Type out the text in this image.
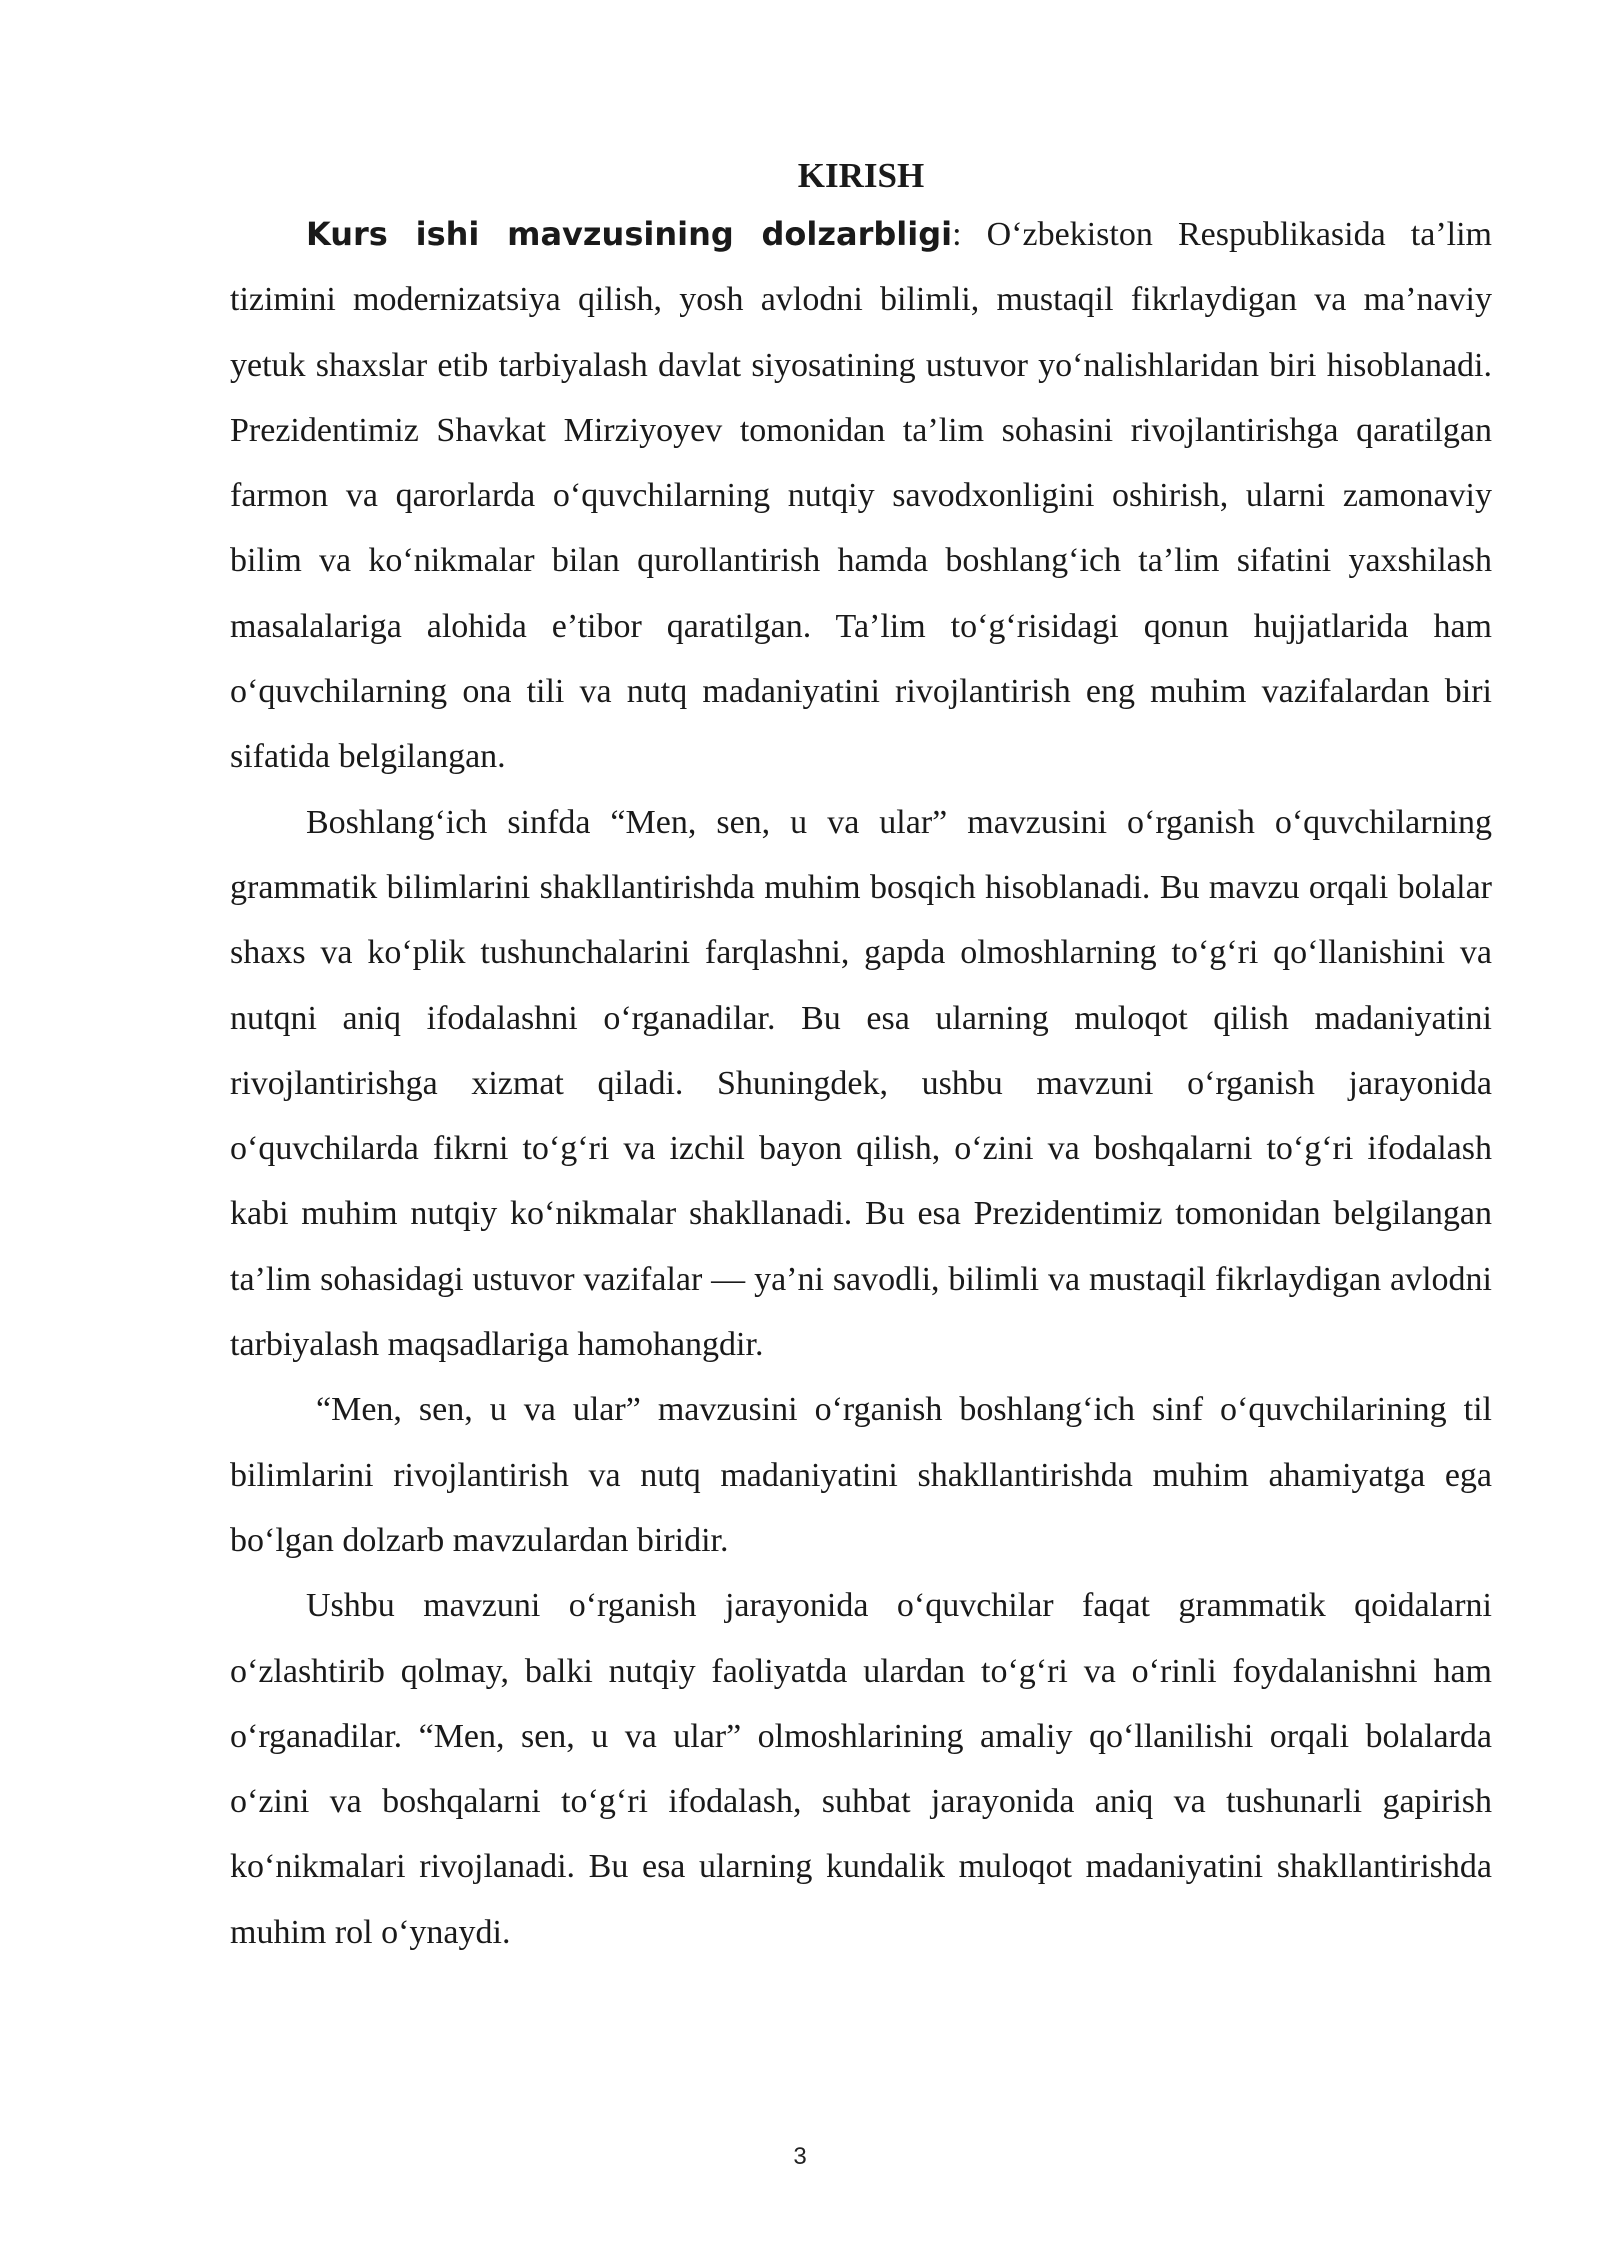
KIRISH

Kurs ishi mavzusining dolzarbligi: O‘zbekiston Respublikasida ta’lim tizimini modernizatsiya qilish, yosh avlodni bilimli, mustaqil fikrlaydigan va ma’naviy yetuk shaxslar etib tarbiyalash davlat siyosatining ustuvor yo‘nalishlaridan biri hisoblanadi. Prezidentimiz Shavkat Mirziyoyev tomonidan ta’lim sohasini rivojlantirishga qaratilgan farmon va qarorlarda o‘quvchilarning nutqiy savodxonligini oshirish, ularni zamonaviy bilim va ko‘nikmalar bilan qurollantirish hamda boshlang‘ich ta’lim sifatini yaxshilash masalalariga alohida e’tibor qaratilgan. Ta’lim to‘g‘risidagi qonun hujjatlarida ham o‘quvchilarning ona tili va nutq madaniyatini rivojlantirish eng muhim vazifalardan biri sifatida belgilangan.

Boshlang‘ich sinfda “Men, sen, u va ular” mavzusini o‘rganish o‘quvchilarning grammatik bilimlarini shakllantirishda muhim bosqich hisoblanadi. Bu mavzu orqali bolalar shaxs va ko‘plik tushunchalarini farqlashni, gapda olmoshlarning to‘g‘ri qo‘llanishini va nutqni aniq ifodalashni o‘rganadilar. Bu esa ularning muloqot qilish madaniyatini rivojlantirishga xizmat qiladi. Shuningdek, ushbu mavzuni o‘rganish jarayonida o‘quvchilarda fikrni to‘g‘ri va izchil bayon qilish, o‘zini va boshqalarni to‘g‘ri ifodalash kabi muhim nutqiy ko‘nikmalar shakllanadi. Bu esa Prezidentimiz tomonidan belgilangan ta’lim sohasidagi ustuvor vazifalar — ya’ni savodli, bilimli va mustaqil fikrlaydigan avlodni tarbiyalash maqsadlariga hamohangdir.

“Men, sen, u va ular” mavzusini o‘rganish boshlang‘ich sinf o‘quvchilarining til bilimlarini rivojlantirish va nutq madaniyatini shakllantirishda muhim ahamiyatga ega bo‘lgan dolzarb mavzulardan biridir.

Ushbu mavzuni o‘rganish jarayonida o‘quvchilar faqat grammatik qoidalarni o‘zlashtirib qolmay, balki nutqiy faoliyatda ulardan to‘g‘ri va o‘rinli foydalanishni ham o‘rganadilar. “Men, sen, u va ular” olmoshlarining amaliy qo‘llanilishi orqali bolalarda o‘zini va boshqalarni to‘g‘ri ifodalash, suhbat jarayonida aniq va tushunarli gapirish ko‘nikmalari rivojlanadi. Bu esa ularning kundalik muloqot madaniyatini shakllantirishda muhim rol o‘ynaydi.

3
